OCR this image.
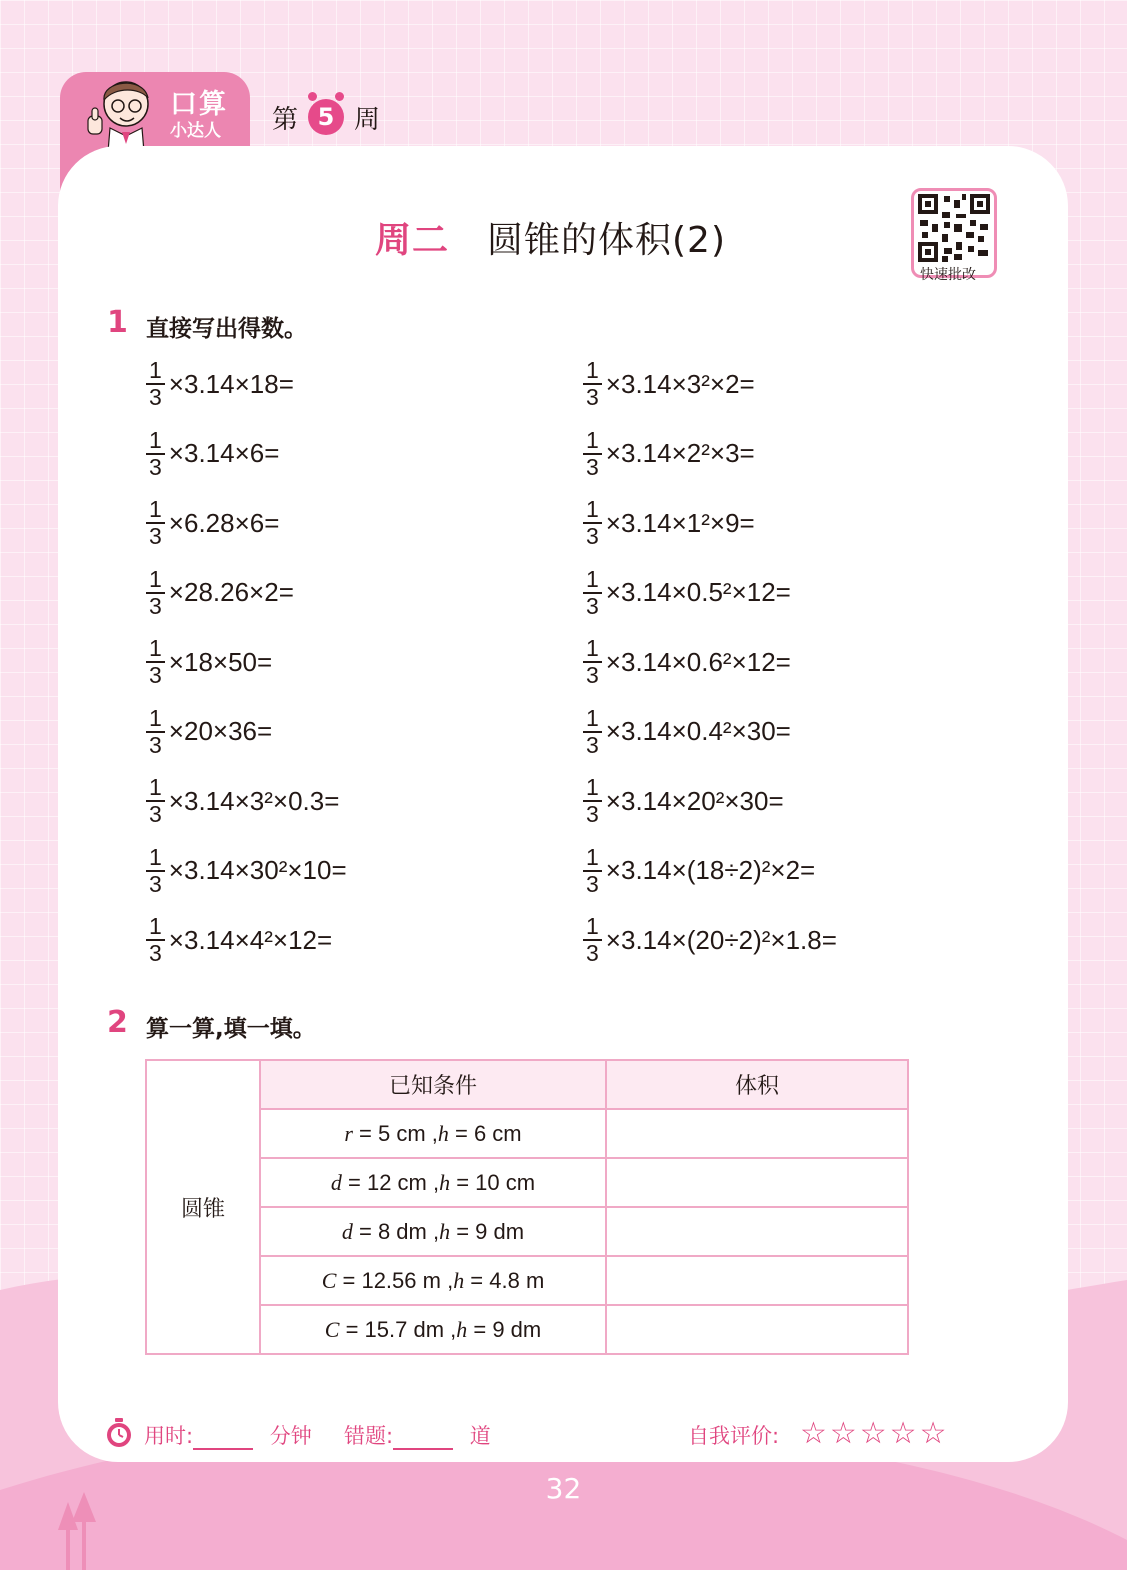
口算
小达人 第 5 周
周二 圆锥的体积(2)
快速批改
1 直接写出得数。
$\frac{1}{3} \times 3.14\times 18=$	$\frac{1}{3} \times 3.14\times 3^2\times 2=$
$\frac{1}{3} \times 3.14\times 6=$	$\frac{1}{3} \times 3.14\times 2^2\times 3=$
$\frac{1}{3} \times 6.28\times 6=$	$\frac{1}{3} \times 3.14\times 1^2\times 9=$
$\frac{1}{3} \times 28.26\times 2=$	$\frac{1}{3} \times 3.14\times 0.5^2\times 12=$
$\frac{1}{3} \times 18\times 50=$	$\frac{1}{3} \times 3.14\times 0.6^2\times 12=$
$\frac{1}{3} \times 20\times 36=$	$\frac{1}{3} \times 3.14\times 0.4^2\times 30=$
$\frac{1}{3} \times 3.14\times 3^2\times 0.3=$	$\frac{1}{3} \times 3.14\times 20^2\times 30=$
$\frac{1}{3} \times 3.14\times 30^2\times 10=$	$\frac{1}{3} \times 3.14\times(18\div 2)^2\times 2=$
$\frac{1}{3} \times 3.14\times 4^2\times 12=$	$\frac{1}{3} \times 3.14\times(20\div 2)^2\times 1.8=$
2 算一算,填一填。
圆锥	已知条件	体积
	r = 5 cm ,h = 6 cm	
	d = 12 cm ,h = 10 cm	
	d = 8 dm ,h = 9 dm	
	C = 12.56 m ,h = 4.8 m	
	C = 15.7 dm ,h = 9 dm	
用时:	分钟 错题:	道	自我评价: ☆☆☆☆☆
32
